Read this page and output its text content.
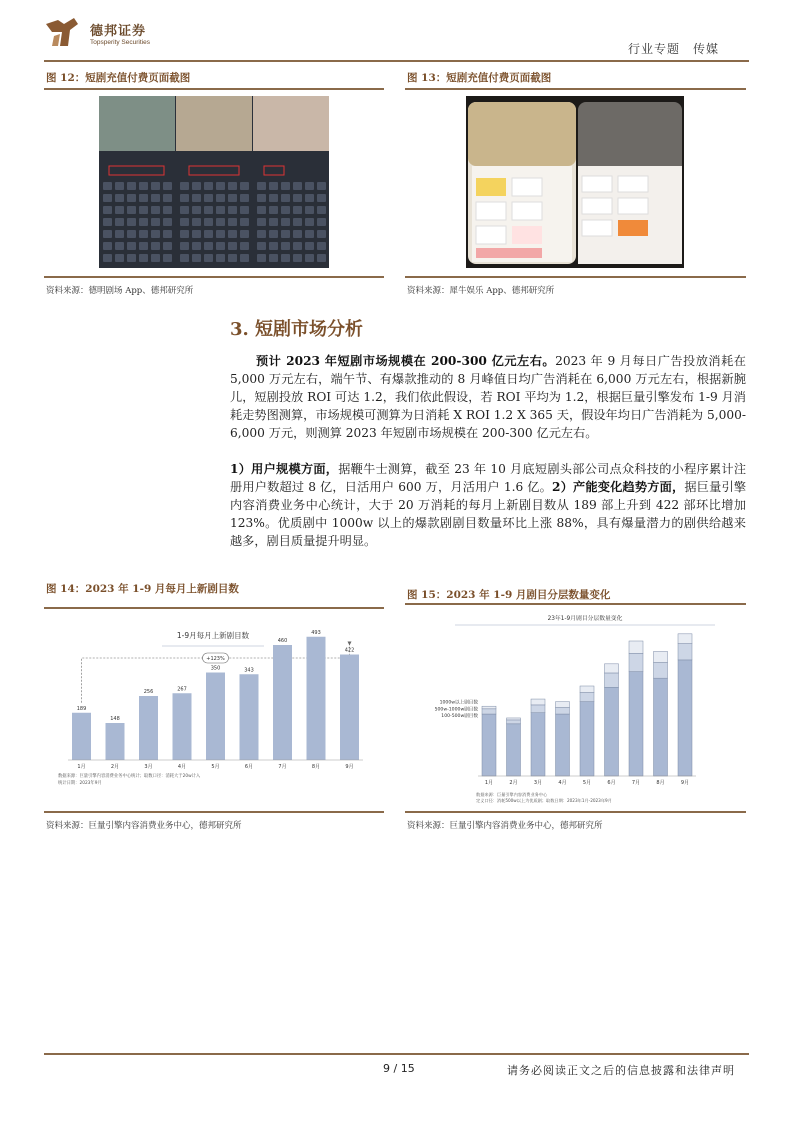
德邦证券
Topsperity Securities	行业专题　传媒
图 12：短剧充值付费页面截图
资料来源：德明剧场 App、德邦研究所
图 13：短剧充值付费页面截图
资料来源：犀牛娱乐 App、德邦研究所
3. 短剧市场分析
预计 2023 年短剧市场规模在 200-300 亿元左右。2023 年 9 月每日广告投放消耗在 5,000 万元左右，端午节、有爆款推动的 8 月峰值日均广告消耗在 6,000 万元左右，根据新腕儿，短剧投放 ROI 可达 1.2，我们依此假设，若 ROI 平均为 1.2，根据巨量引擎发布 1-9 月消耗走势图测算，市场规模可测算为日消耗 X ROI 1.2 X 365 天，假设年均日广告消耗为 5,000-6,000 万元，则测算 2023 年短剧市场规模在 200-300 亿元左右。
1）用户规模方面，据鞭牛士测算，截至 23 年 10 月底短剧头部公司点众科技的小程序累计注册用户数超过 8 亿，日活用户 600 万，月活用户 1.6 亿。2）产能变化趋势方面，据巨量引擎内容消费业务中心统计，大于 20 万消耗的每月上新剧目数从 189 部上升到 422 部环比增加 123%。优质剧中 1000w 以上的爆款剧剧目数量环比上涨 88%，具有爆量潜力的剧供给越来越多，剧目质量提升明显。
图 14：2023 年 1-9 月每月上新剧目数
1-9月每月上新剧目数
+123%
189
1月
148
2月
256
3月
267
4月
350
5月
343
6月
460
7月
493
8月
422
9月
数据来源：巨量引擎内容消费业务中心统计；取数口径：消耗大于20w计入
统计日期：2023年9月
资料来源：巨量引擎内容消费业务中心，德邦研究所
图 15：2023 年 1-9 月剧目分层数量变化
23年1-9月剧目分层数量变化
1月	2月	3月	4月	5月	6月	7月	8月	9月
100-500w剧目数
500w-1000w剧目数
1000w以上剧目数
数据来源：巨量引擎内容消费业务中心
定义口径：消耗500w以上为优质剧；取数日期：2023年1月-2023年9月
资料来源：巨量引擎内容消费业务中心，德邦研究所
9 / 15	请务必阅读正文之后的信息披露和法律声明
